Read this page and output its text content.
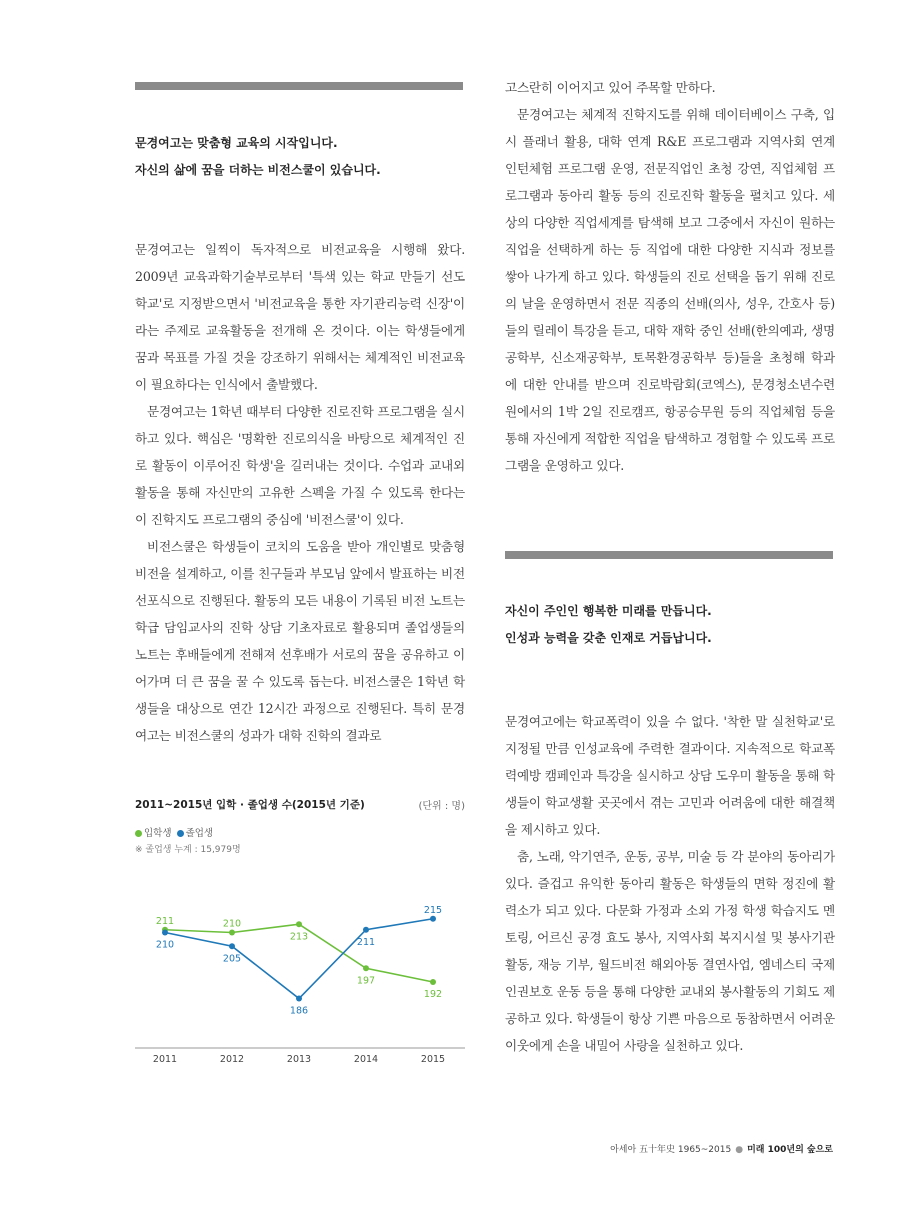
문경여고는 맞춤형 교육의 시작입니다.
자신의 삶에 꿈을 더하는 비전스쿨이 있습니다.

문경여고는 일찍이 독자적으로 비전교육을 시행해 왔다. 2009년 교육과학기술부로부터 '특색 있는 학교 만들기 선도학교'로 지정받으면서 '비전교육을 통한 자기관리능력 신장'이라는 주제로 교육활동을 전개해 온 것이다. 이는 학생들에게 꿈과 목표를 가질 것을 강조하기 위해서는 체계적인 비전교육이 필요하다는 인식에서 출발했다.

문경여고는 1학년 때부터 다양한 진로진학 프로그램을 실시하고 있다. 핵심은 '명확한 진로의식을 바탕으로 체계적인 진로 활동이 이루어진 학생'을 길러내는 것이다. 수업과 교내외 활동을 통해 자신만의 고유한 스펙을 가질 수 있도록 한다는 이 진학지도 프로그램의 중심에 '비전스쿨'이 있다.

비전스쿨은 학생들이 코치의 도움을 받아 개인별로 맞춤형 비전을 설계하고, 이를 친구들과 부모님 앞에서 발표하는 비전 선포식으로 진행된다. 활동의 모든 내용이 기록된 비전 노트는 학급 담임교사의 진학 상담 기초자료로 활용되며 졸업생들의 노트는 후배들에게 전해져 선후배가 서로의 꿈을 공유하고 이어가며 더 큰 꿈을 꿀 수 있도록 돕는다. 비전스쿨은 1학년 학생들을 대상으로 연간 12시간 과정으로 진행된다. 특히 문경여고는 비전스쿨의 성과가 대학 진학의 결과로

2011~2015년 입학 · 졸업생 수(2015년 기준)	(단위 : 명)
입학생 졸업생
※ 졸업생 누계 : 15,979명
2011	2012	2013	2014	2015
211	210
213
197
192
210
205
186
211
215

고스란히 이어지고 있어 주목할 만하다.

문경여고는 체계적 진학지도를 위해 데이터베이스 구축, 입시 플래너 활용, 대학 연계 R&E 프로그램과 지역사회 연계 인턴체험 프로그램 운영, 전문직업인 초청 강연, 직업체험 프로그램과 동아리 활동 등의 진로진학 활동을 펼치고 있다. 세상의 다양한 직업세계를 탐색해 보고 그중에서 자신이 원하는 직업을 선택하게 하는 등 직업에 대한 다양한 지식과 정보를 쌓아 나가게 하고 있다. 학생들의 진로 선택을 돕기 위해 진로의 날을 운영하면서 전문 직종의 선배(의사, 성우, 간호사 등)들의 릴레이 특강을 듣고, 대학 재학 중인 선배(한의예과, 생명공학부, 신소재공학부, 토목환경공학부 등)들을 초청해 학과에 대한 안내를 받으며 진로박람회(코엑스), 문경청소년수련원에서의 1박 2일 진로캠프, 항공승무원 등의 직업체험 등을 통해 자신에게 적합한 직업을 탐색하고 경험할 수 있도록 프로그램을 운영하고 있다.

자신이 주인인 행복한 미래를 만듭니다.
인성과 능력을 갖춘 인재로 거듭납니다.

문경여고에는 학교폭력이 있을 수 없다. '착한 말 실천학교'로 지정될 만큼 인성교육에 주력한 결과이다. 지속적으로 학교폭력예방 캠페인과 특강을 실시하고 상담 도우미 활동을 통해 학생들이 학교생활 곳곳에서 겪는 고민과 어려움에 대한 해결책을 제시하고 있다.

춤, 노래, 악기연주, 운동, 공부, 미술 등 각 분야의 동아리가 있다. 즐겁고 유익한 동아리 활동은 학생들의 면학 정진에 활력소가 되고 있다. 다문화 가정과 소외 가정 학생 학습지도 멘토링, 어르신 공경 효도 봉사, 지역사회 복지시설 및 봉사기관 활동, 재능 기부, 월드비전 해외아동 결연사업, 엠네스티 국제인권보호 운동 등을 통해 다양한 교내외 봉사활동의 기회도 제공하고 있다. 학생들이 항상 기쁜 마음으로 동참하면서 어려운 이웃에게 손을 내밀어 사랑을 실천하고 있다.

아세아 五十年史 1965~2015 ● 미래 100년의 숲으로
